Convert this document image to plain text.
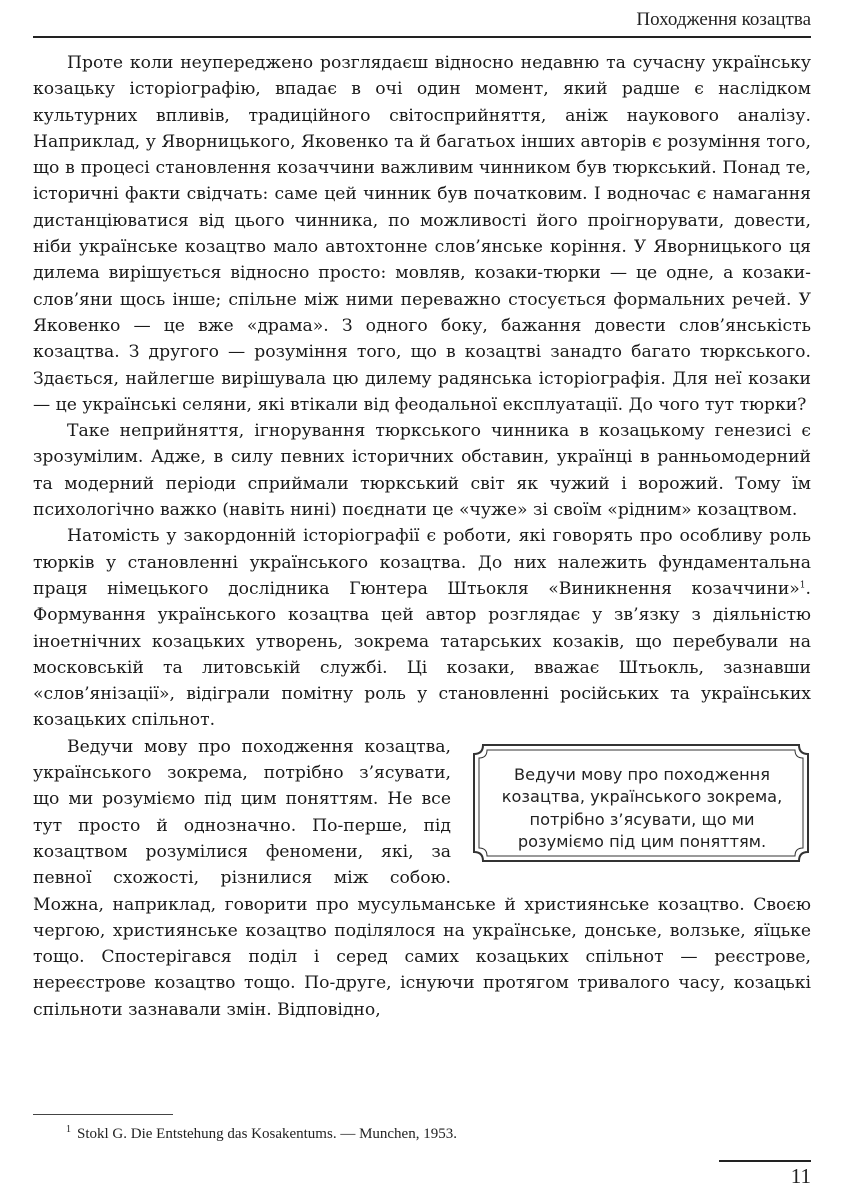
Походження козацтва

Проте коли неупереджено розглядаєш відносно недавню та сучасну українську козацьку історіографію, впадає в очі один момент, який радше є наслідком культурних впливів, традиційного світосприйняття, аніж наукового аналізу. Наприклад, у Яворницького, Яковенко та й багатьох інших авторів є розуміння того, що в процесі становлення козаччини важливим чинником був тюркський. Понад те, історичні факти свідчать: саме цей чинник був початковим. І водночас є намагання дистанціюватися від цього чинника, по можливості його проігнорувати, довести, ніби українське козацтво мало автохтонне слов’янське коріння. У Яворницького ця дилема вирішується відносно просто: мовляв, козаки-тюрки — це одне, а козаки-слов’яни щось інше; спільне між ними переважно стосується формальних речей. У Яковенко — це вже «драма». З одного боку, бажання довести слов’янськість козацтва. З другого — розуміння того, що в козацтві занадто багато тюркського. Здається, найлегше вирішувала цю дилему радянська історіографія. Для неї козаки — це українські селяни, які втікали від феодальної експлуатації. До чого тут тюрки?

Таке неприйняття, ігнорування тюркського чинника в козацькому генезисі є зрозумілим. Адже, в силу певних історичних обставин, українці в ранньомодерний та модерний періоди сприймали тюркський світ як чужий і ворожий. Тому їм психологічно важко (навіть нині) поєднати це «чуже» зі своїм «рідним» козацтвом.

Натомість у закордонній історіографії є роботи, які говорять про особливу роль тюрків у становленні українського козацтва. До них належить фундаментальна праця німецького дослідника Гюнтера Штьокля «Виникнення козаччини»$^1$. Формування українського козацтва цей автор розглядає у зв’язку з діяльністю іноетнічних козацьких утворень, зокрема татарських козаків, що перебували на московській та литовській службі. Ці козаки, вважає Штьокль, зазнавши «слов’янізації», відіграли помітну роль у становленні російських та українських козацьких спільнот.

Ведучи мову про походження козацтва, українського зокрема, потрібно з’ясувати, що ми розуміємо під цим поняттям.
Ведучи мову про походження козацтва, українського зокрема, потрібно з’ясувати, що ми розуміємо під цим поняттям. Не все тут просто й однозначно. По-перше, під козацтвом розумілися феномени, які, за певної схожості, різнилися між собою. Можна, наприклад, говорити про мусульманське й християнське козацтво. Своєю чергою, християнське козацтво поділялося на українське, донське, волзьке, яїцьке тощо. Спостерігався поділ і серед самих козацьких спільнот — реєстрове, нереєстрове козацтво тощо. По-друге, існуючи протягом тривалого часу, козацькі спільноти зазнавали змін. Відповідно,

$^1$ Stokl G. Die Entstehung das Kosakentums. — Munchen, 1953.
11
